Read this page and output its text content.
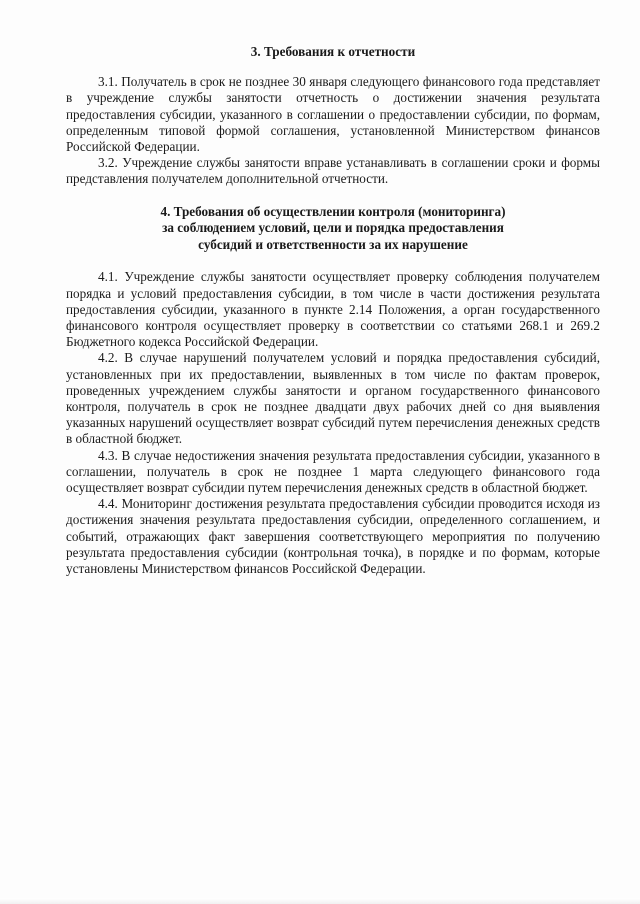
3. Требования к отчетности

3.1. Получатель в срок не позднее 30 января следующего финансового года представляет в учреждение службы занятости отчетность о достижении значения результата предоставления субсидии, указанного в соглашении о предоставлении субсидии, по формам, определенным типовой формой соглашения, установленной Министерством финансов Российской Федерации.

3.2. Учреждение службы занятости вправе устанавливать в соглашении сроки и формы представления получателем дополнительной отчетности.

4. Требования об осуществлении контроля (мониторинга)
за соблюдением условий, цели и порядка предоставления
субсидий и ответственности за их нарушение

4.1. Учреждение службы занятости осуществляет проверку соблюдения получателем порядка и условий предоставления субсидии, в том числе в части достижения результата предоставления субсидии, указанного в пункте 2.14 Положения, а орган государственного финансового контроля осуществляет проверку в соответствии со статьями 268.1 и 269.2 Бюджетного кодекса Российской Федерации.

4.2. В случае нарушений получателем условий и порядка предоставления субсидий, установленных при их предоставлении, выявленных в том числе по фактам проверок, проведенных учреждением службы занятости и органом государственного финансового контроля, получатель в срок не позднее двадцати двух рабочих дней со дня выявления указанных нарушений осуществляет возврат субсидий путем перечисления денежных средств в областной бюджет.

4.3. В случае недостижения значения результата предоставления субсидии, указанного в соглашении, получатель в срок не позднее 1 марта следующего финансового года осуществляет возврат субсидии путем перечисления денежных средств в областной бюджет.

4.4. Мониторинг достижения результата предоставления субсидии проводится исходя из достижения значения результата предоставления субсидии, определенного соглашением, и событий, отражающих факт завершения соответствующего мероприятия по получению результата предоставления субсидии (контрольная точка), в порядке и по формам, которые установлены Министерством финансов Российской Федерации.
